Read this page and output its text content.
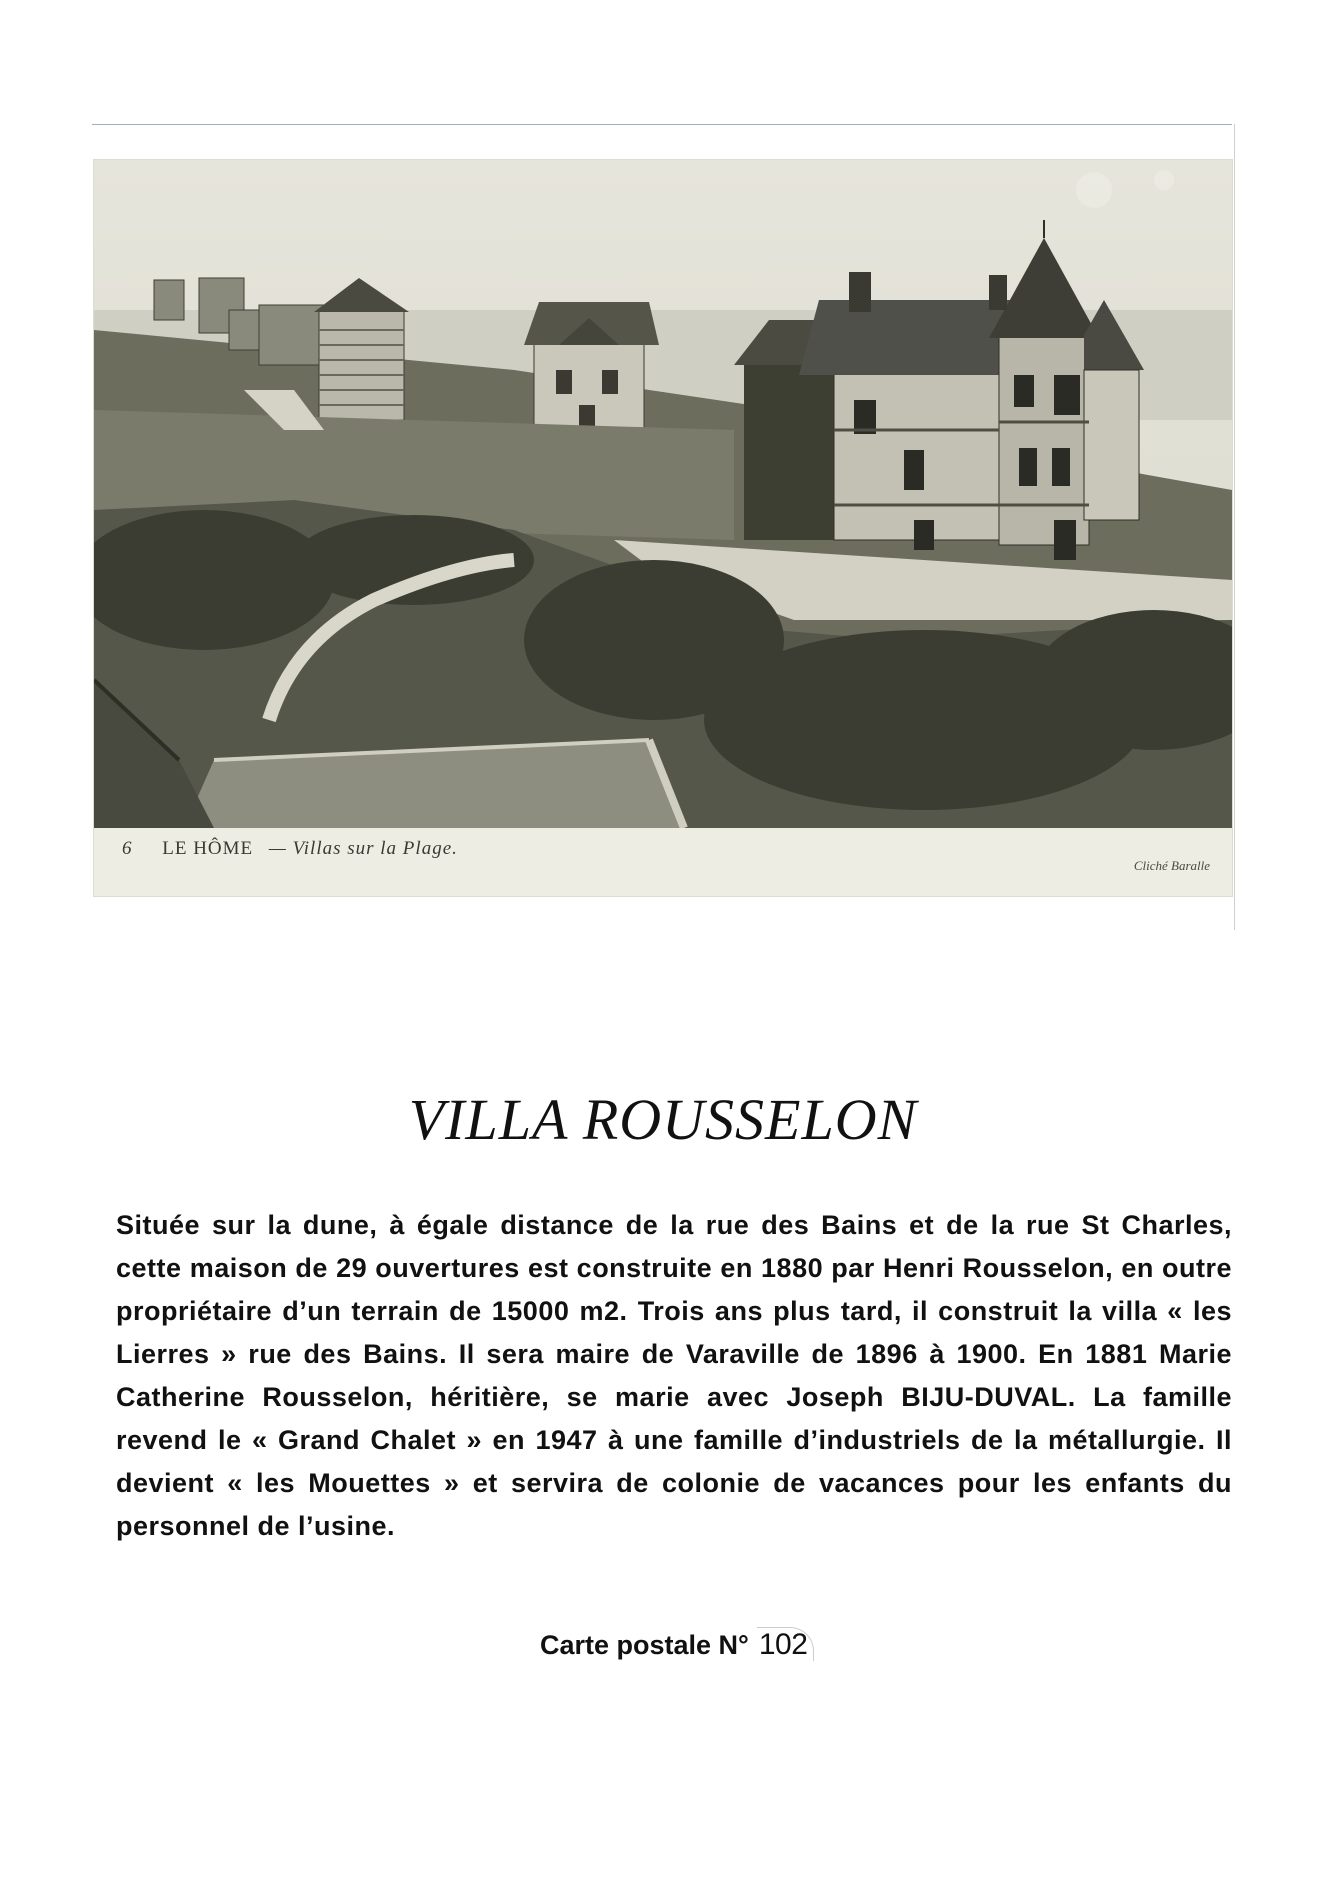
6 LE HÔME — Villas sur la Plage.
Cliché Baralle
VILLA ROUSSELON

Située sur la dune, à égale distance de la rue des Bains et de la rue St Charles, cette maison de 29 ouvertures est construite en 1880 par Henri Rousselon, en outre propriétaire d’un terrain de 15000 m2. Trois ans plus tard, il construit la villa « les Lierres » rue des Bains. Il sera maire de Varaville de 1896 à 1900. En 1881 Marie Catherine Rousselon, héritière, se marie avec Joseph BIJU-DUVAL. La famille revend le « Grand Chalet » en 1947 à une famille d’industriels de la métallurgie. Il devient « les Mouettes » et servira de colonie de vacances pour les enfants du personnel de l’usine.

Carte postale N° 102
